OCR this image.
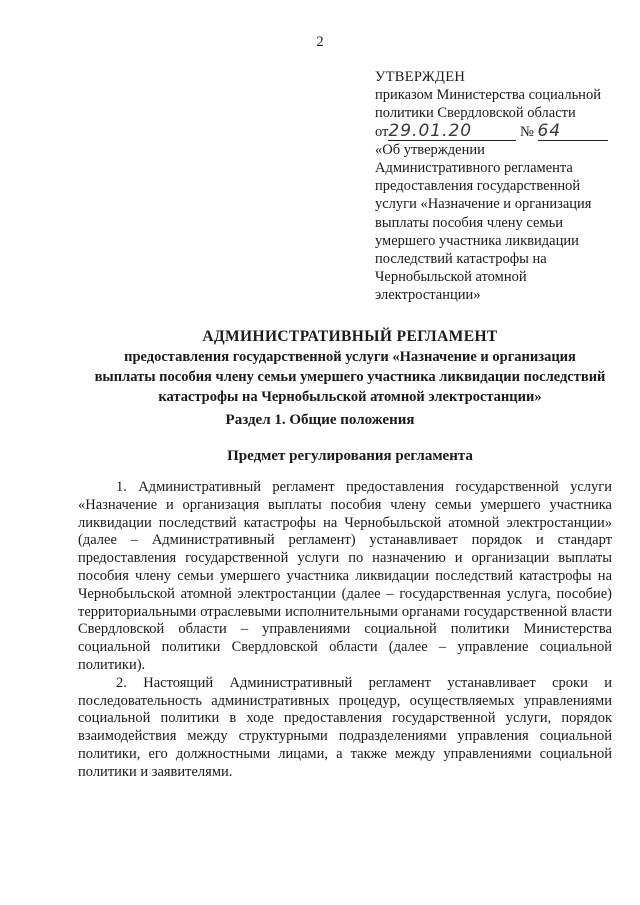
2
УТВЕРЖДЕН
приказом Министерства социальной
политики Свердловской области
от29.01.20	№ 64
«Об утверждении
Административного регламента
предоставления государственной
услуги «Назначение и организация
выплаты пособия члену семьи
умершего участника ликвидации
последствий катастрофы на
Чернобыльской атомной
электростанции»
АДМИНИСТРАТИВНЫЙ РЕГЛАМЕНТ
предоставления государственной услуги «Назначение и организация
выплаты пособия члену семьи умершего участника ликвидации последствий
катастрофы на Чернобыльской атомной электростанции»
Раздел 1. Общие положения
Предмет регулирования регламента

1. Административный регламент предоставления государственной услуги «Назначение и организация выплаты пособия члену семьи умершего участника ликвидации последствий катастрофы на Чернобыльской атомной электростанции» (далее – Административный регламент) устанавливает порядок и стандарт предоставления государственной услуги по назначению и организации выплаты пособия члену семьи умершего участника ликвидации последствий катастрофы на Чернобыльской атомной электростанции (далее – государственная услуга, пособие) территориальными отраслевыми исполнительными органами государственной власти Свердловской области – управлениями социальной политики Министерства социальной политики Свердловской области (далее – управление социальной политики).

2. Настоящий Административный регламент устанавливает сроки и последовательность административных процедур, осуществляемых управлениями социальной политики в ходе предоставления государственной услуги, порядок взаимодействия между структурными подразделениями управления социальной политики, его должностными лицами, а также между управлениями социальной политики и заявителями.
